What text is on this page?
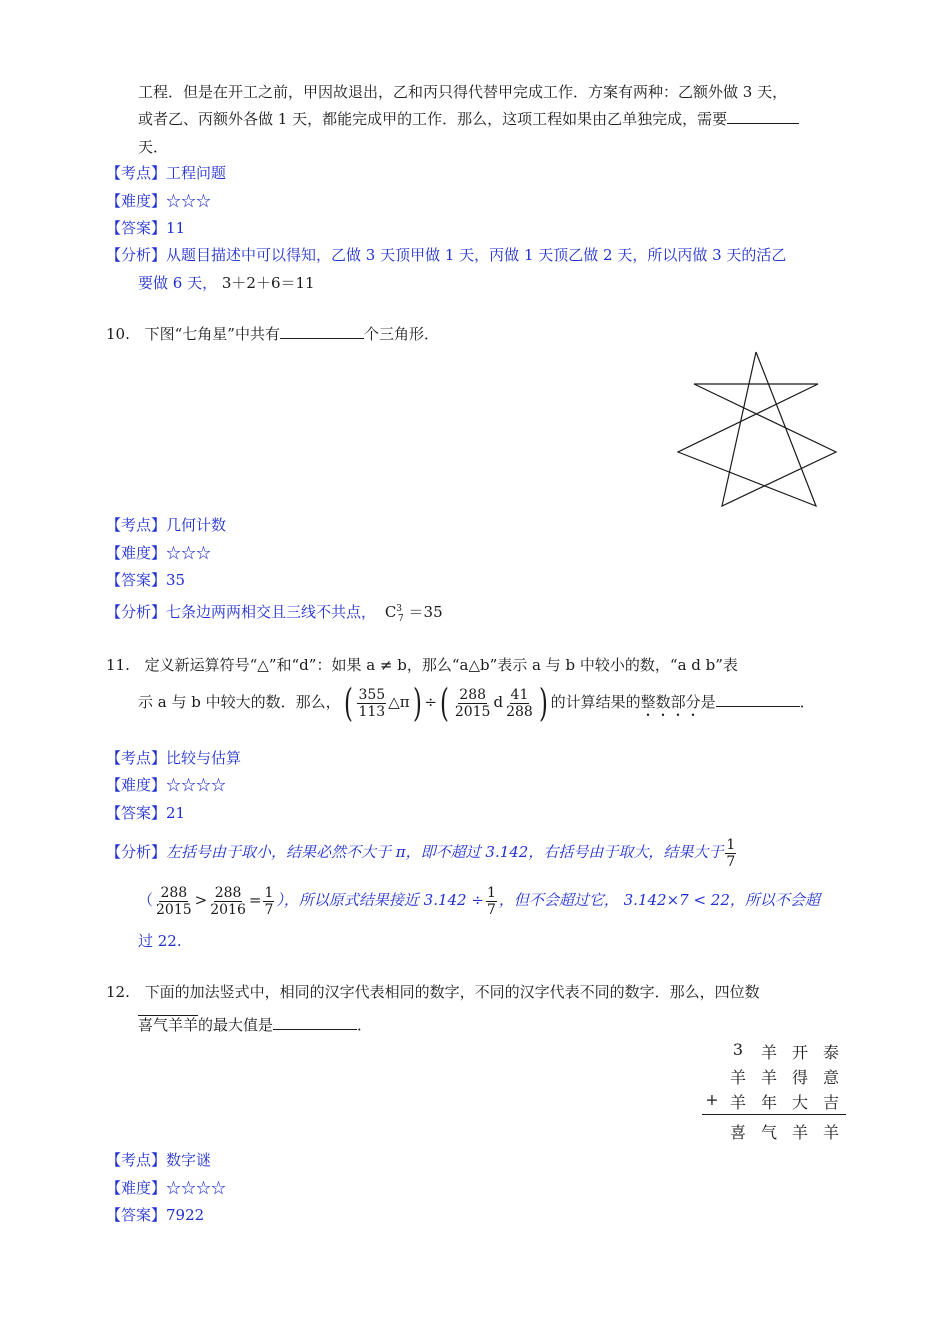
工程．但是在开工之前，甲因故退出，乙和丙只得代替甲完成工作．方案有两种：乙额外做 3 天，
或者乙、丙额外各做 1 天，都能完成甲的工作．那么，这项工程如果由乙单独完成，需要
天．
【考点】工程问题
【难度】☆☆☆
【答案】11
【分析】从题目描述中可以得知，乙做 3 天顶甲做 1 天，丙做 1 天顶乙做 2 天，所以丙做 3 天的活乙
要做 6 天， 3＋2＋6＝11
10. 下图“七角星”中共有	个三角形．
【考点】几何计数
【难度】☆☆☆
【答案】35
【分析】七条边两两相交且三线不共点， $C^3_7 =35$
11. 定义新运算符号“△”和“d”：如果 a ≠ b，那么“a△b”表示 a 与 b 中较小的数，“a d b”表
示 a 与 b 中较大的数．那么，( $\frac{355}{113}$ △π) ÷( $\frac{288}{2015}$ d $\frac{41}{288}$ ) 的计算结果的整数部分是	．
【考点】比较与估算
【难度】☆☆☆☆
【答案】21
【分析】左括号由于取小，结果必然不大于 π，即不超过 3.142，右括号由于取大，结果大于 $\frac{1}{7}$
（ $\frac{288}{2015} > \frac{288}{2016} = \frac{1}{7}$ ），所以原式结果接近 $3.142 \div \frac{1}{7}$ ，但不会超过它， 3.142×7 < 22，所以不会超
过 22.
12. 下面的加法竖式中，相同的汉字代表相同的数字，不同的汉字代表不同的数字．那么，四位数
喜气羊羊的最大值是	．
3	羊 开 泰
羊 羊 得 意
+ 羊 年 大 吉
喜 气 羊 羊
【考点】数字谜
【难度】☆☆☆☆
【答案】7922
